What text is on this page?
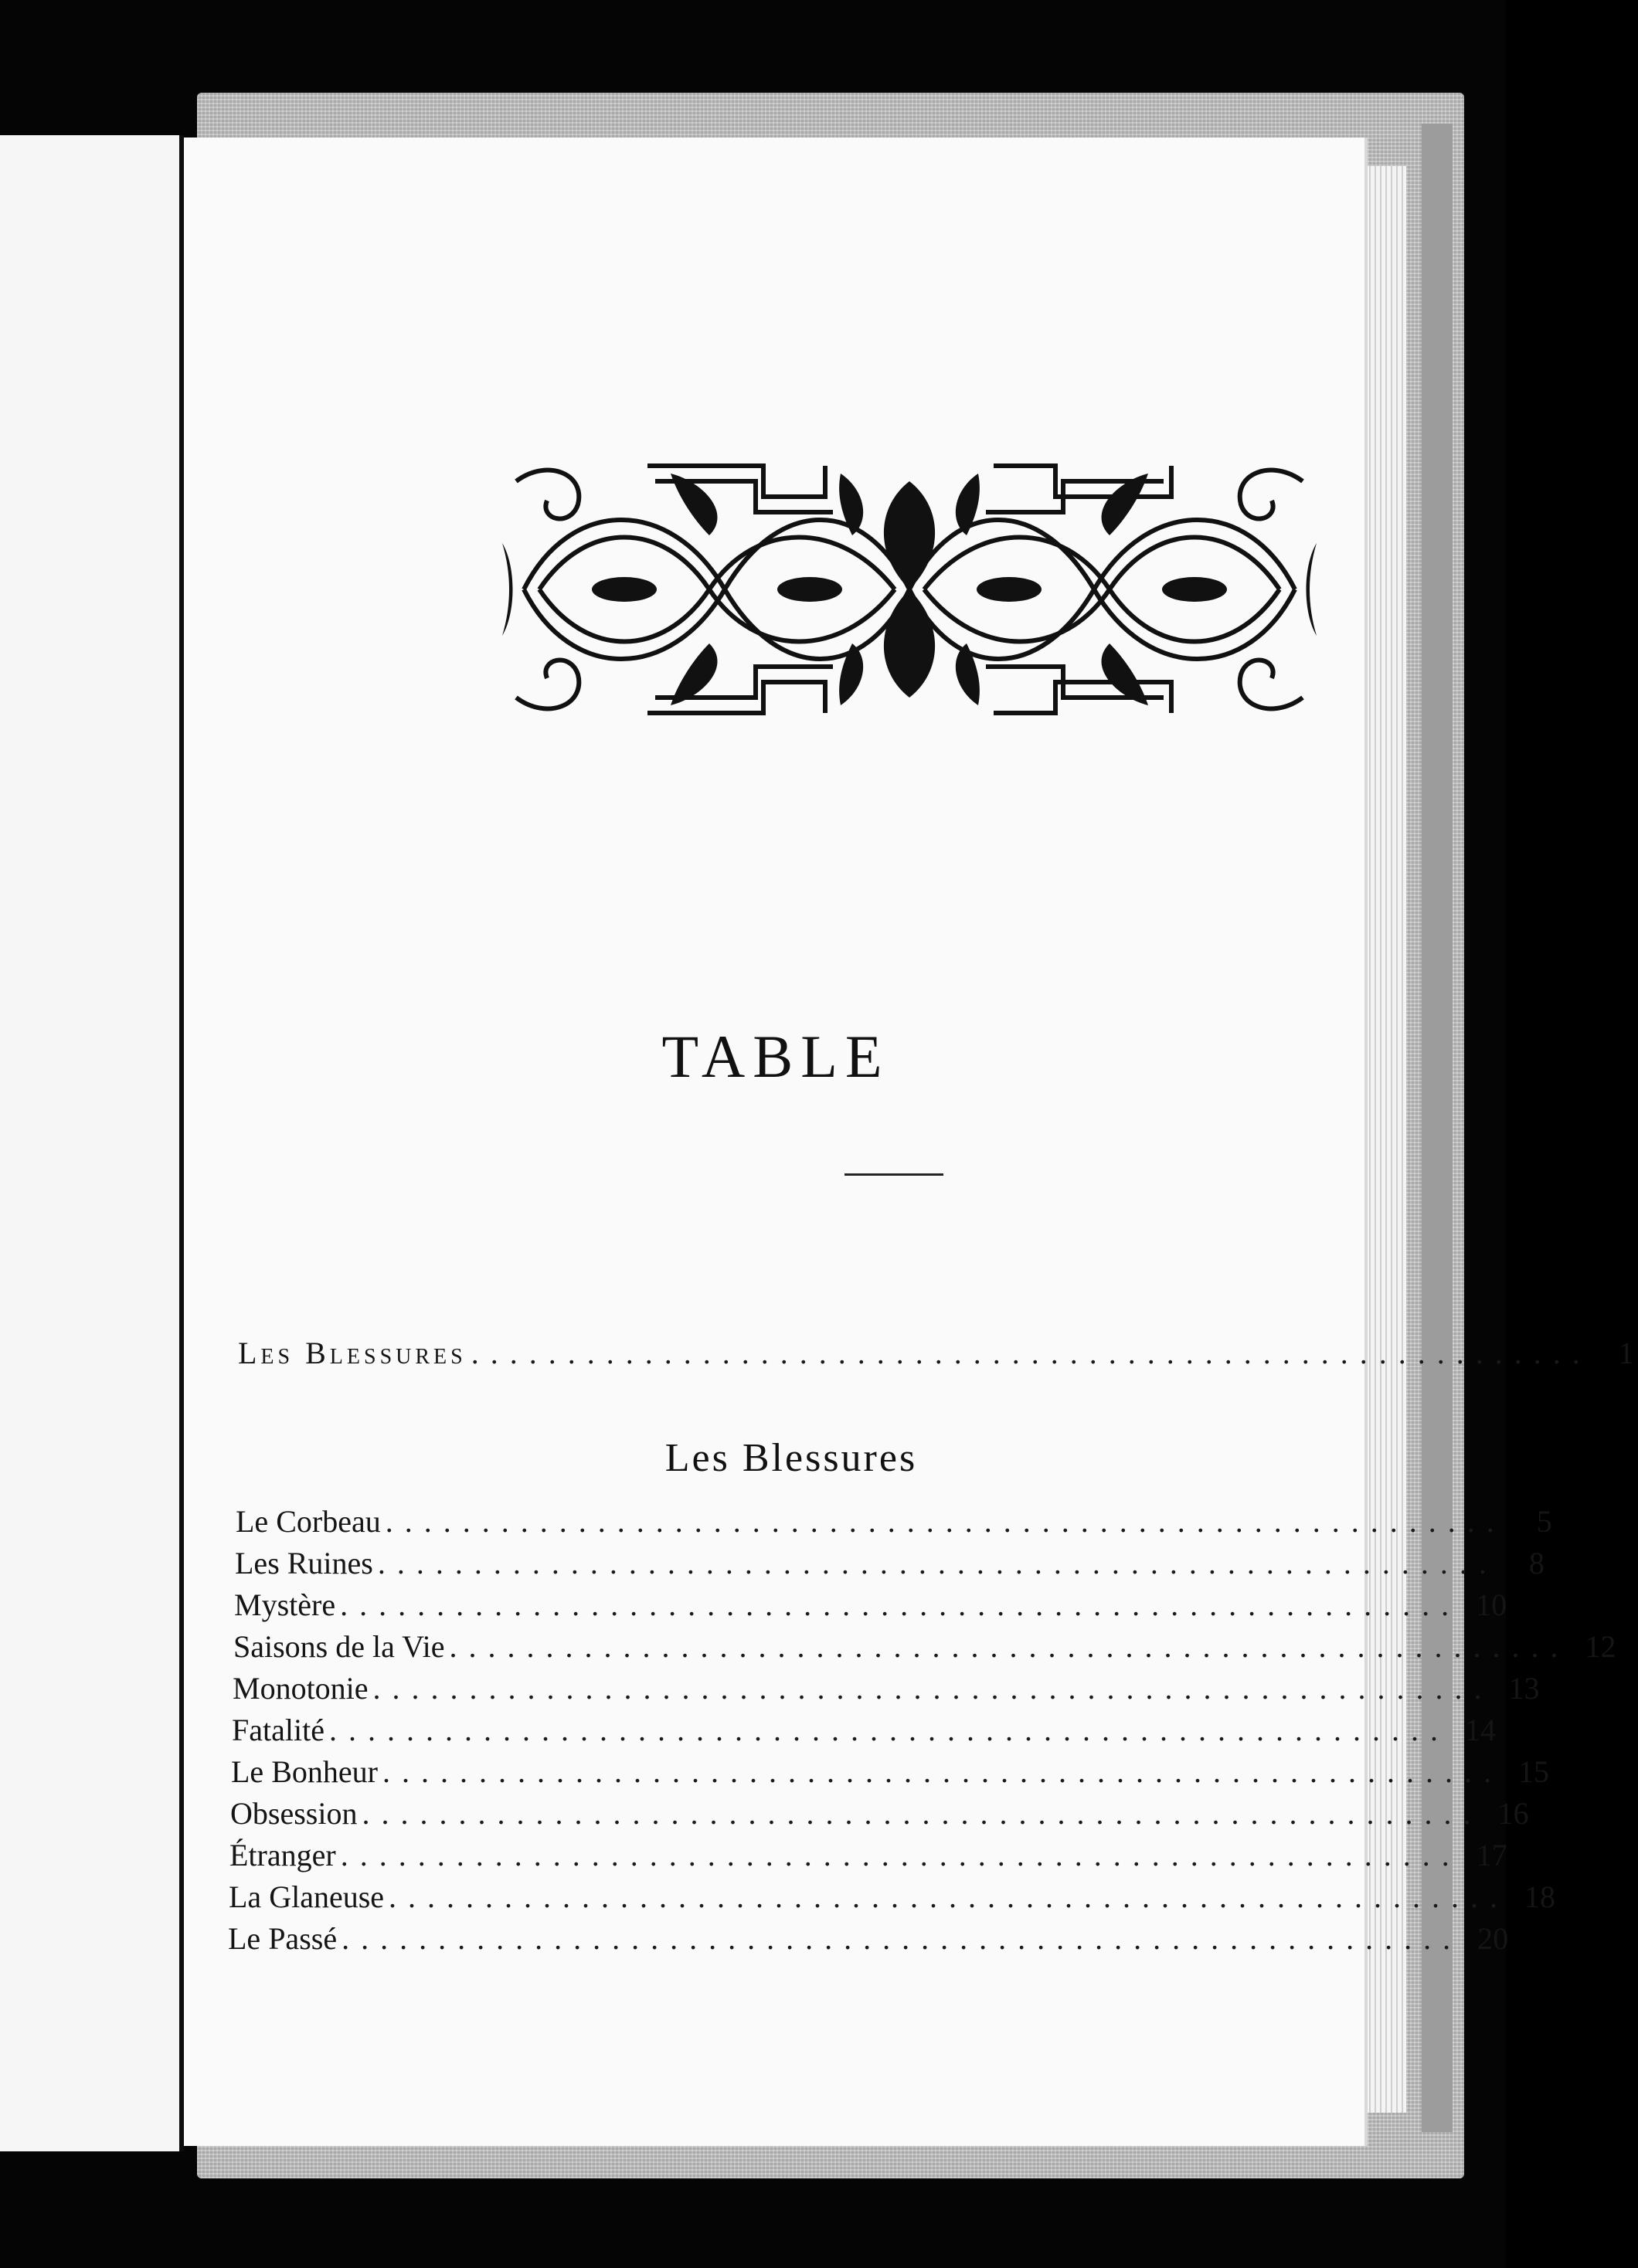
TABLE
Les Blessures .......................................................... 1
Les Blessures
Le Corbeau ..........................................................	5
Les Ruines ..........................................................	8
Mystère .......................................................... 10
Saisons de la Vie .......................................................... 12
Monotonie .......................................................... 13
Fatalité .......................................................... 14
Le Bonheur .......................................................... 15
Obsession .......................................................... 16
Étranger .......................................................... 17
La Glaneuse .......................................................... 18
Le Passé .......................................................... 20
